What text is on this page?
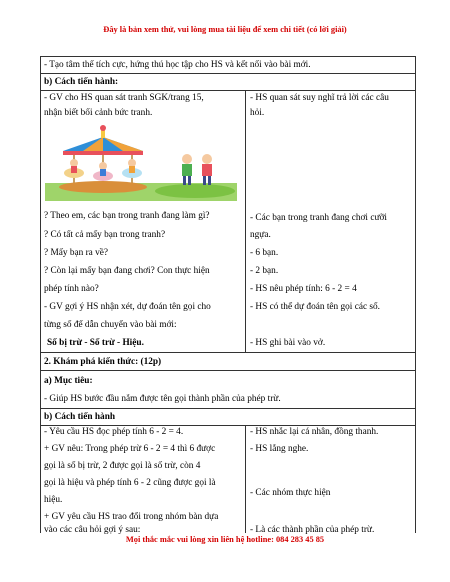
Đây là bản xem thử, vui lòng mua tài liệu để xem chi tiết (có lời giải)
- Tạo tâm thế tích cực, hứng thú học tập cho HS và kết nối vào bài mới.
b) Cách tiến hành:
- GV cho HS quan sát tranh SGK/trang 15,
nhận biết bối cảnh bức tranh.
? Theo em, các bạn trong tranh đang làm gì?
? Có tất cả mấy bạn trong tranh?
? Mấy bạn ra về?
? Còn lại mấy bạn đang chơi? Con thực hiện
phép tính nào?
- GV gợi ý HS nhận xét, dự đoán tên gọi cho
từng số để dẫn chuyển vào bài mới:
Số bị trừ - Số trừ - Hiệu.
- HS quan sát suy nghĩ trả lời các câu
hỏi.
- Các bạn trong tranh đang chơi cưỡi
ngựa.
- 6 bạn.
- 2 bạn.
- HS nêu phép tính: 6 - 2 = 4
- HS có thể dự đoán tên gọi các số.
- HS ghi bài vào vở.
2. Khám phá kiến thức: (12p)
a) Mục tiêu:
- Giúp HS bước đầu nắm được tên gọi thành phần của phép trừ.
b) Cách tiến hành
- Yêu cầu HS đọc phép tính 6 - 2 = 4.
+ GV nêu: Trong phép trừ 6 - 2 = 4 thì 6 được
gọi là số bị trừ, 2 được gọi là số trừ, còn 4
gọi là hiệu và phép tính 6 - 2 cũng được gọi là
hiệu.
+ GV yêu cầu HS trao đổi trong nhóm bàn dựa
vào các câu hỏi gợi ý sau:
- HS nhắc lại cá nhân, đồng thanh.
- HS lắng nghe.
- Các nhóm thực hiện
- Là các thành phần của phép trừ.
Mọi thắc mắc vui lòng xin liên hệ hotline: 084 283 45 85
